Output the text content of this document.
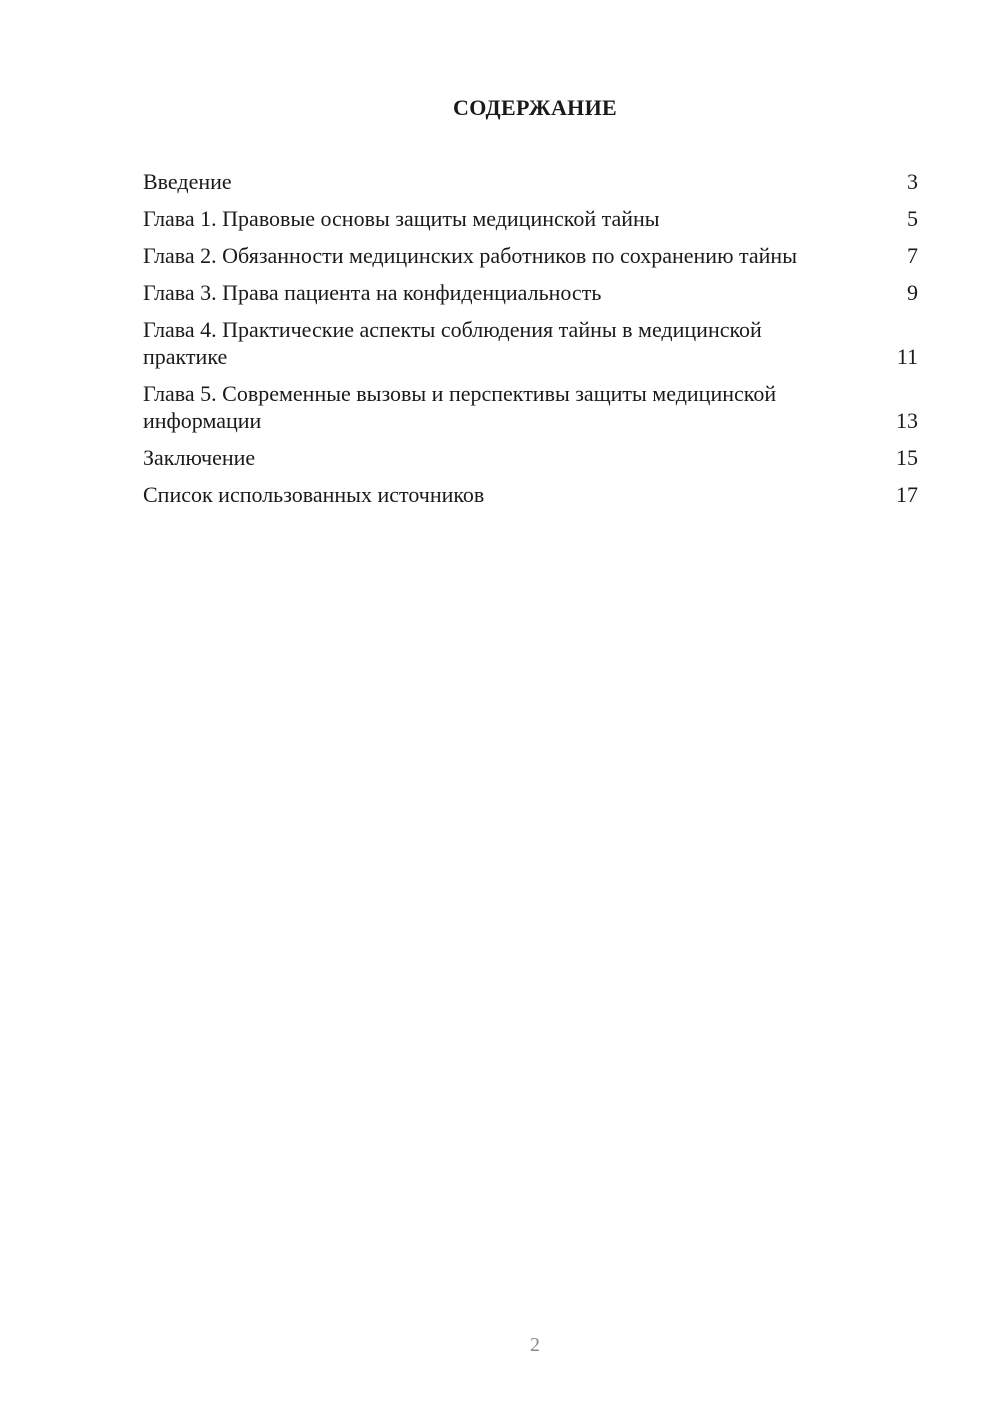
СОДЕРЖАНИЕ
Введение	3
Глава 1. Правовые основы защиты медицинской тайны	5
Глава 2. Обязанности медицинских работников по сохранению тайны	7
Глава 3. Права пациента на конфиденциальность	9
Глава 4. Практические аспекты соблюдения тайны в медицинской практике	11
Глава 5. Современные вызовы и перспективы защиты медицинской информации	13
Заключение	15
Список использованных источников	17
2
